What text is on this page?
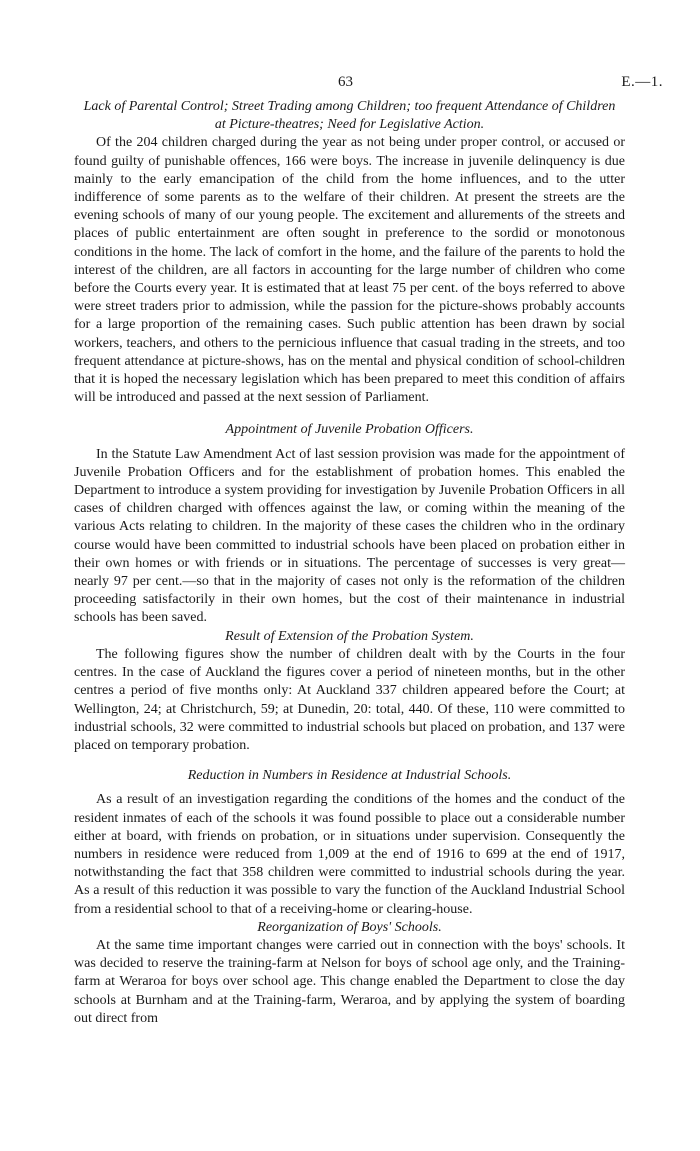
63	E.—1.
Lack of Parental Control; Street Trading among Children; too frequent Attendance of Children at Picture-theatres; Need for Legislative Action.

Of the 204 children charged during the year as not being under proper control, or accused or found guilty of punishable offences, 166 were boys. The increase in juvenile delinquency is due mainly to the early emancipation of the child from the home influences, and to the utter indifference of some parents as to the welfare of their children. At present the streets are the evening schools of many of our young people. The excitement and allurements of the streets and places of public entertainment are often sought in preference to the sordid or monotonous conditions in the home. The lack of comfort in the home, and the failure of the parents to hold the interest of the children, are all factors in accounting for the large number of children who come before the Courts every year. It is estimated that at least 75 per cent. of the boys referred to above were street traders prior to admission, while the passion for the picture-shows probably accounts for a large proportion of the remaining cases. Such public attention has been drawn by social workers, teachers, and others to the pernicious influence that casual trading in the streets, and too frequent attendance at picture-shows, has on the mental and physical condition of school-children that it is hoped the necessary legislation which has been prepared to meet this condition of affairs will be introduced and passed at the next session of Parliament.

Appointment of Juvenile Probation Officers.

In the Statute Law Amendment Act of last session provision was made for the appointment of Juvenile Probation Officers and for the establishment of probation homes. This enabled the Department to introduce a system providing for investigation by Juvenile Probation Officers in all cases of children charged with offences against the law, or coming within the meaning of the various Acts relating to children. In the majority of these cases the children who in the ordinary course would have been committed to industrial schools have been placed on probation either in their own homes or with friends or in situations. The percentage of successes is very great—nearly 97 per cent.—so that in the majority of cases not only is the reformation of the children proceeding satisfactorily in their own homes, but the cost of their maintenance in industrial schools has been saved.

Result of Extension of the Probation System.

The following figures show the number of children dealt with by the Courts in the four centres. In the case of Auckland the figures cover a period of nineteen months, but in the other centres a period of five months only: At Auckland 337 children appeared before the Court; at Wellington, 24; at Christchurch, 59; at Dunedin, 20: total, 440. Of these, 110 were committed to industrial schools, 32 were committed to industrial schools but placed on probation, and 137 were placed on temporary probation.

Reduction in Numbers in Residence at Industrial Schools.

As a result of an investigation regarding the conditions of the homes and the conduct of the resident inmates of each of the schools it was found possible to place out a considerable number either at board, with friends on probation, or in situations under supervision. Consequently the numbers in residence were reduced from 1,009 at the end of 1916 to 699 at the end of 1917, notwithstanding the fact that 358 children were committed to industrial schools during the year. As a result of this reduction it was possible to vary the function of the Auckland Industrial School from a residential school to that of a receiving-home or clearing-house.

Reorganization of Boys' Schools.

At the same time important changes were carried out in connection with the boys' schools. It was decided to reserve the training-farm at Nelson for boys of school age only, and the Training-farm at Weraroa for boys over school age. This change enabled the Department to close the day schools at Burnham and at the Training-farm, Weraroa, and by applying the system of boarding out direct from
